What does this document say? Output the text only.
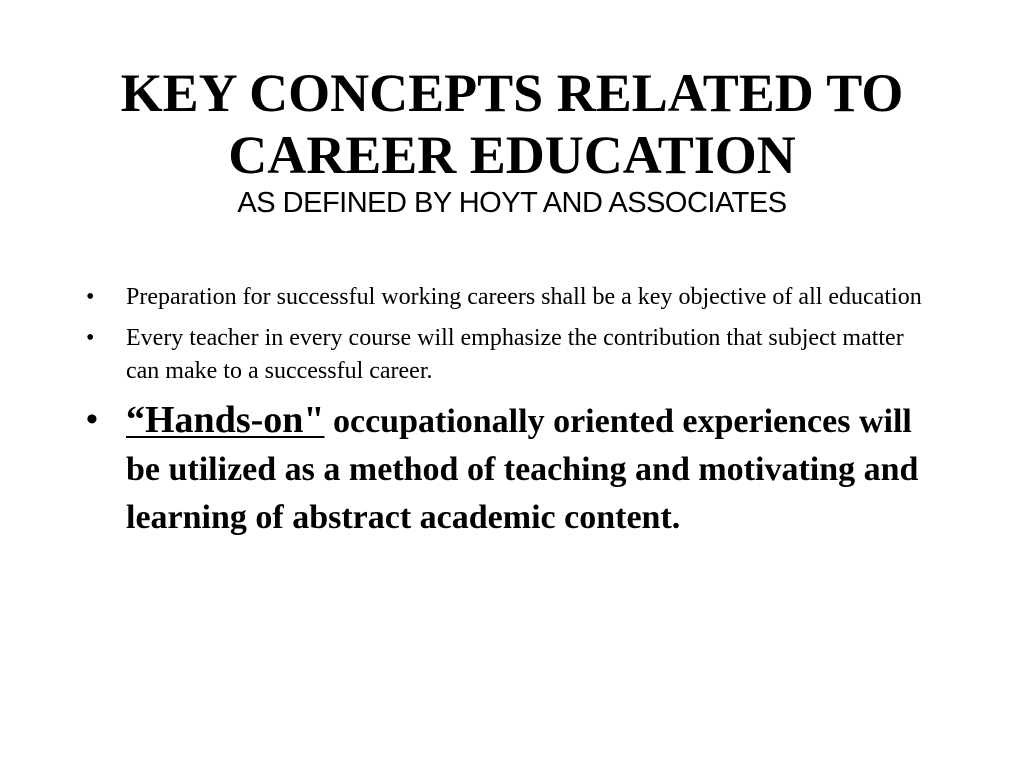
KEY CONCEPTS RELATED TO CAREER EDUCATION

AS DEFINED BY HOYT AND ASSOCIATES

• Preparation for successful working careers shall be a key objective of all education
• Every teacher in every course will emphasize the contribution that subject matter can make to a successful career.
• “Hands-on" occupationally oriented experiences will be utilized as a method of teaching and motivating and learning of abstract academic content.
